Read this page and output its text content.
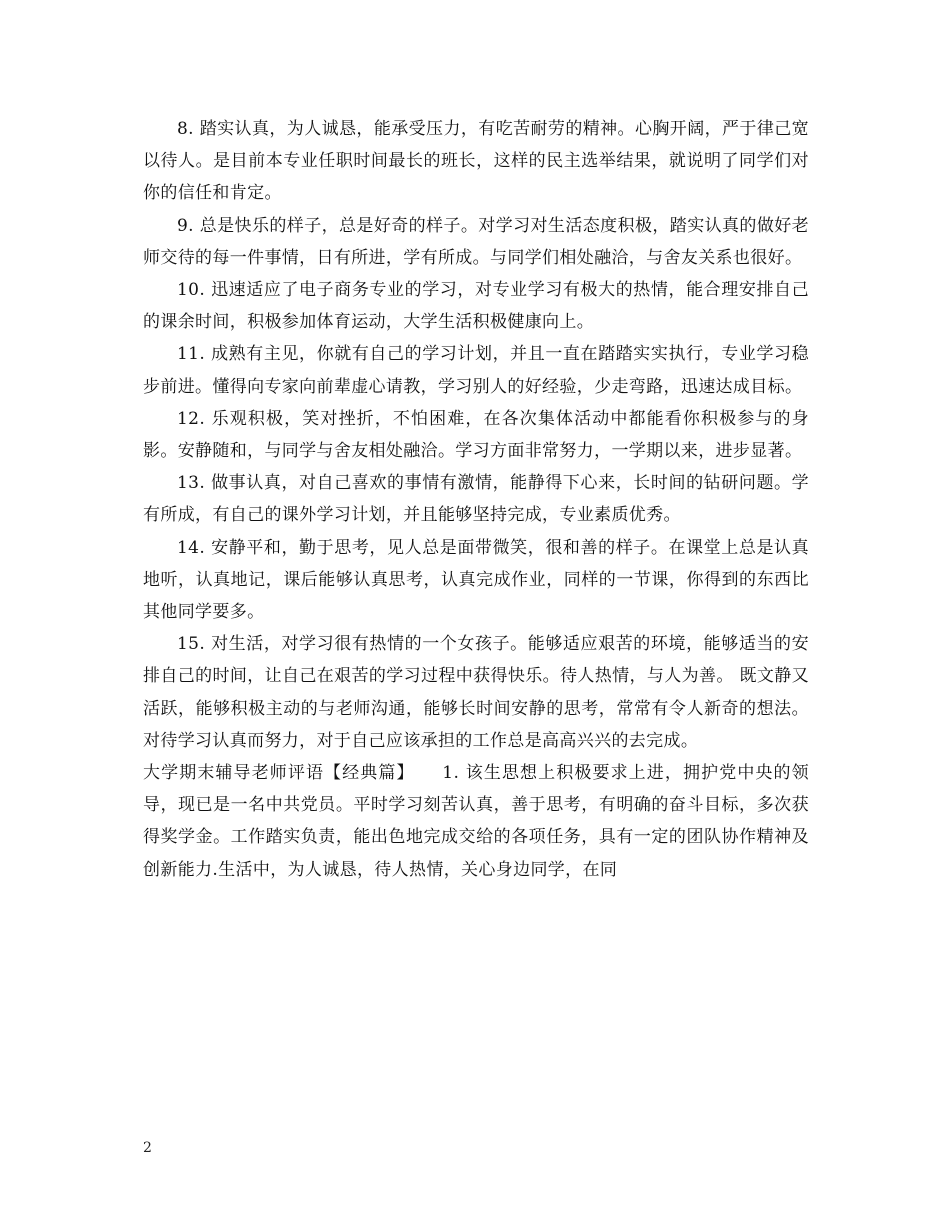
8. 踏实认真，为人诚恳，能承受压力，有吃苦耐劳的精神。心胸开阔，严于律己宽以待人。是目前本专业任职时间最长的班长，这样的民主选举结果，就说明了同学们对你的信任和肯定。

9. 总是快乐的样子，总是好奇的样子。对学习对生活态度积极，踏实认真的做好老师交待的每一件事情，日有所进，学有所成。与同学们相处融洽，与舍友关系也很好。

10. 迅速适应了电子商务专业的学习，对专业学习有极大的热情，能合理安排自己的课余时间，积极参加体育运动，大学生活积极健康向上。

11. 成熟有主见，你就有自己的学习计划，并且一直在踏踏实实执行，专业学习稳步前进。懂得向专家向前辈虚心请教，学习别人的好经验，少走弯路，迅速达成目标。

12. 乐观积极，笑对挫折，不怕困难，在各次集体活动中都能看你积极参与的身影。安静随和，与同学与舍友相处融洽。学习方面非常努力，一学期以来，进步显著。

13. 做事认真，对自己喜欢的事情有激情，能静得下心来，长时间的钻研问题。学有所成，有自己的课外学习计划，并且能够坚持完成，专业素质优秀。

14. 安静平和，勤于思考，见人总是面带微笑，很和善的样子。在课堂上总是认真地听，认真地记，课后能够认真思考，认真完成作业，同样的一节课，你得到的东西比其他同学要多。

15. 对生活，对学习很有热情的一个女孩子。能够适应艰苦的环境，能够适当的安排自己的时间，让自己在艰苦的学习过程中获得快乐。待人热情，与人为善。 既文静又活跃，能够积极主动的与老师沟通，能够长时间安静的思考，常常有令人新奇的想法。对待学习认真而努力，对于自己应该承担的工作总是高高兴兴的去完成。

大学期末辅导老师评语【经典篇】　　1. 该生思想上积极要求上进，拥护党中央的领导，现已是一名中共党员。平时学习刻苦认真，善于思考，有明确的奋斗目标，多次获得奖学金。工作踏实负责，能出色地完成交给的各项任务，具有一定的团队协作精神及创新能力.生活中，为人诚恳，待人热情，关心身边同学，在同

2
